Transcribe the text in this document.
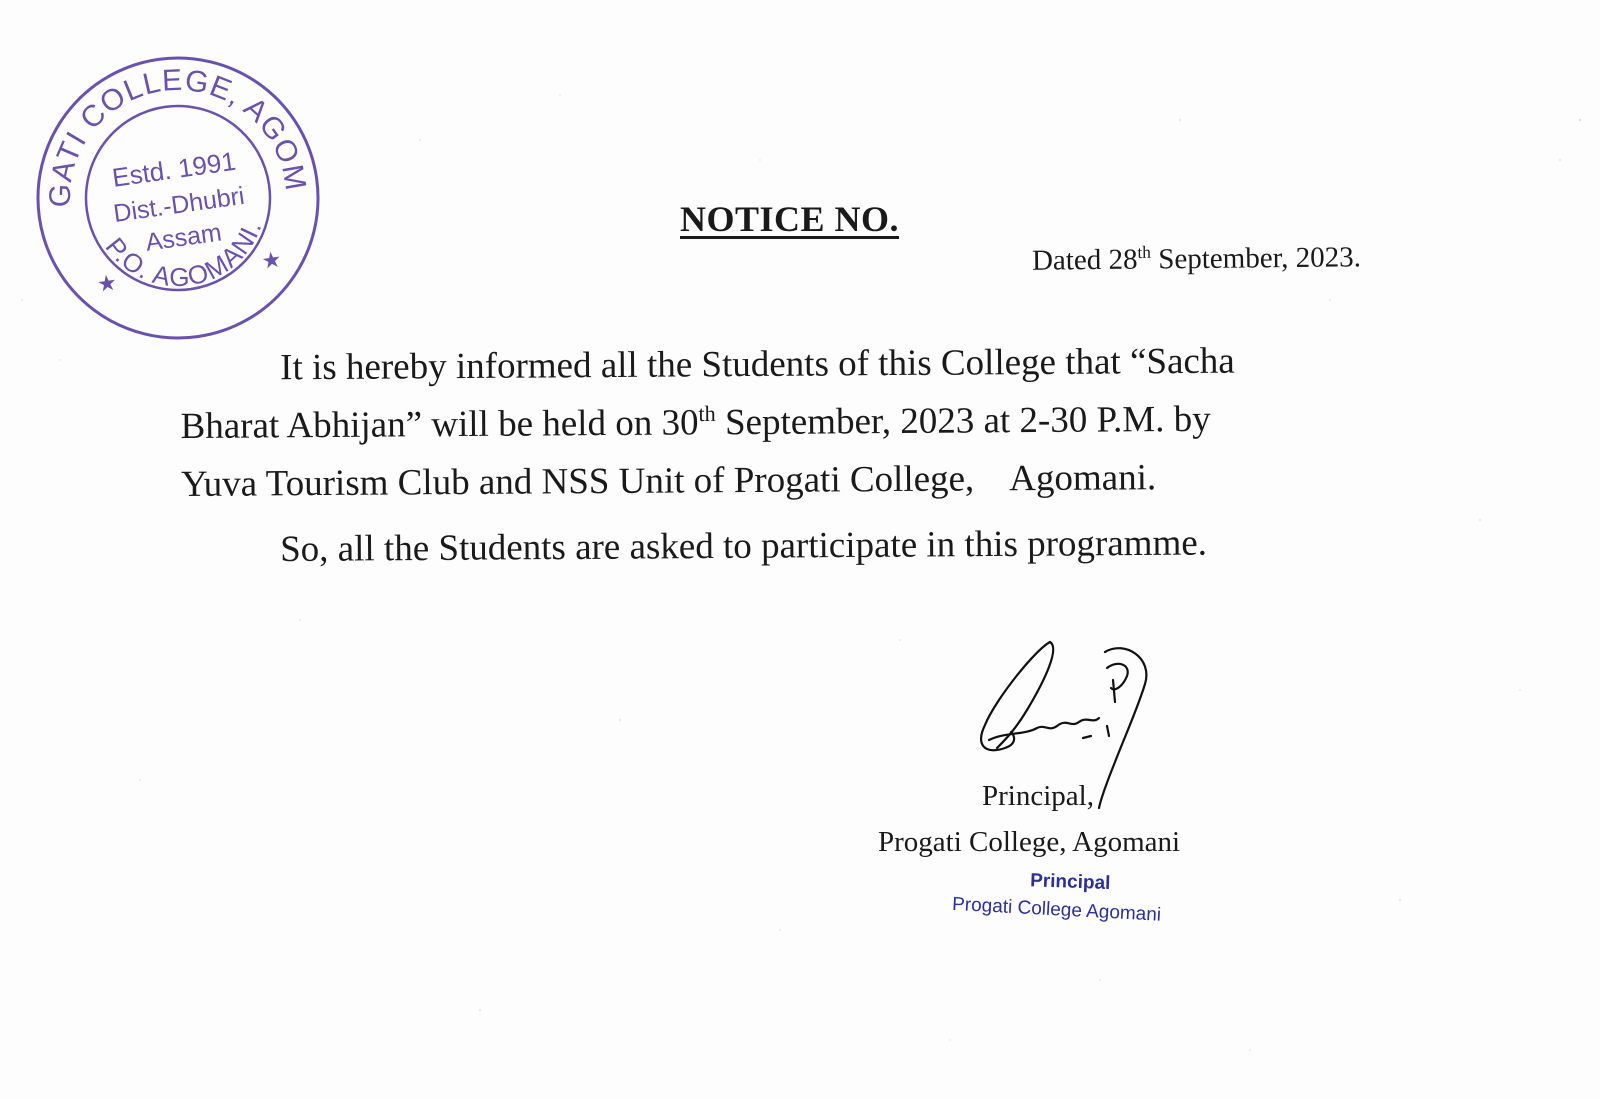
PROGATI COLLEGE, AGOMANI
P.O. AGOMANI.
★
★
Estd. 1991
Dist.-Dhubri
Assam	NOTICE NO.
Dated 28th September, 2023.
It is hereby informed all the Students of this College that “Sacha
Bharat Abhijan” will be held on 30th September, 2023 at 2-30 P.M. by
Yuva Tourism Club and NSS Unit of Progati College,    Agomani.
So, all the Students are asked to participate in this programme.
Principal,
Progati College, Agomani
Principal
Progati College Agomani
